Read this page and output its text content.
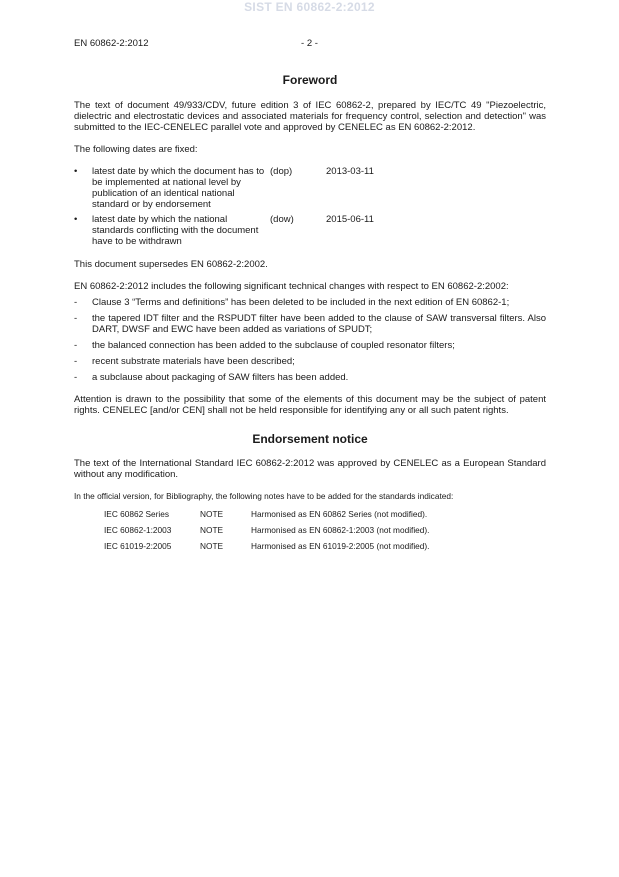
SIST EN 60862-2:2012
EN 60862-2:2012	- 2 -
Foreword

The text of document 49/933/CDV, future edition 3 of IEC 60862-2, prepared by IEC/TC 49 "Piezoelectric, dielectric and electrostatic devices and associated materials for frequency control, selection and detection" was submitted to the IEC-CENELEC parallel vote and approved by CENELEC as EN 60862-2:2012.

The following dates are fixed:

•	latest date by which the document has to be implemented at national level by publication of an identical national standard or by endorsement
(dop)	2013-03-11
•	latest date by which the national standards conflicting with the document have to be withdrawn
(dow)	2015-06-11

This document supersedes EN 60862-2:2002.

EN 60862-2:2012 includes the following significant technical changes with respect to EN 60862-2:2002:

-	Clause 3 “Terms and definitions” has been deleted to be included in the next edition of EN 60862-1;
-	the tapered IDT filter and the RSPUDT filter have been added to the clause of SAW transversal filters. Also DART, DWSF and EWC have been added as variations of SPUDT;
-	the balanced connection has been added to the subclause of coupled resonator filters;
-	recent substrate materials have been described;
-	a subclause about packaging of SAW filters has been added.

Attention is drawn to the possibility that some of the elements of this document may be the subject of patent rights. CENELEC [and/or CEN] shall not be held responsible for identifying any or all such patent rights.

Endorsement notice

The text of the International Standard IEC 60862-2:2012 was approved by CENELEC as a European Standard without any modification.

In the official version, for Bibliography, the following notes have to be added for the standards indicated:

IEC 60862 Series	NOTE	Harmonised as EN 60862 Series (not modified).
IEC 60862-1:2003	NOTE	Harmonised as EN 60862-1:2003 (not modified).
IEC 61019-2:2005	NOTE	Harmonised as EN 61019-2:2005 (not modified).
